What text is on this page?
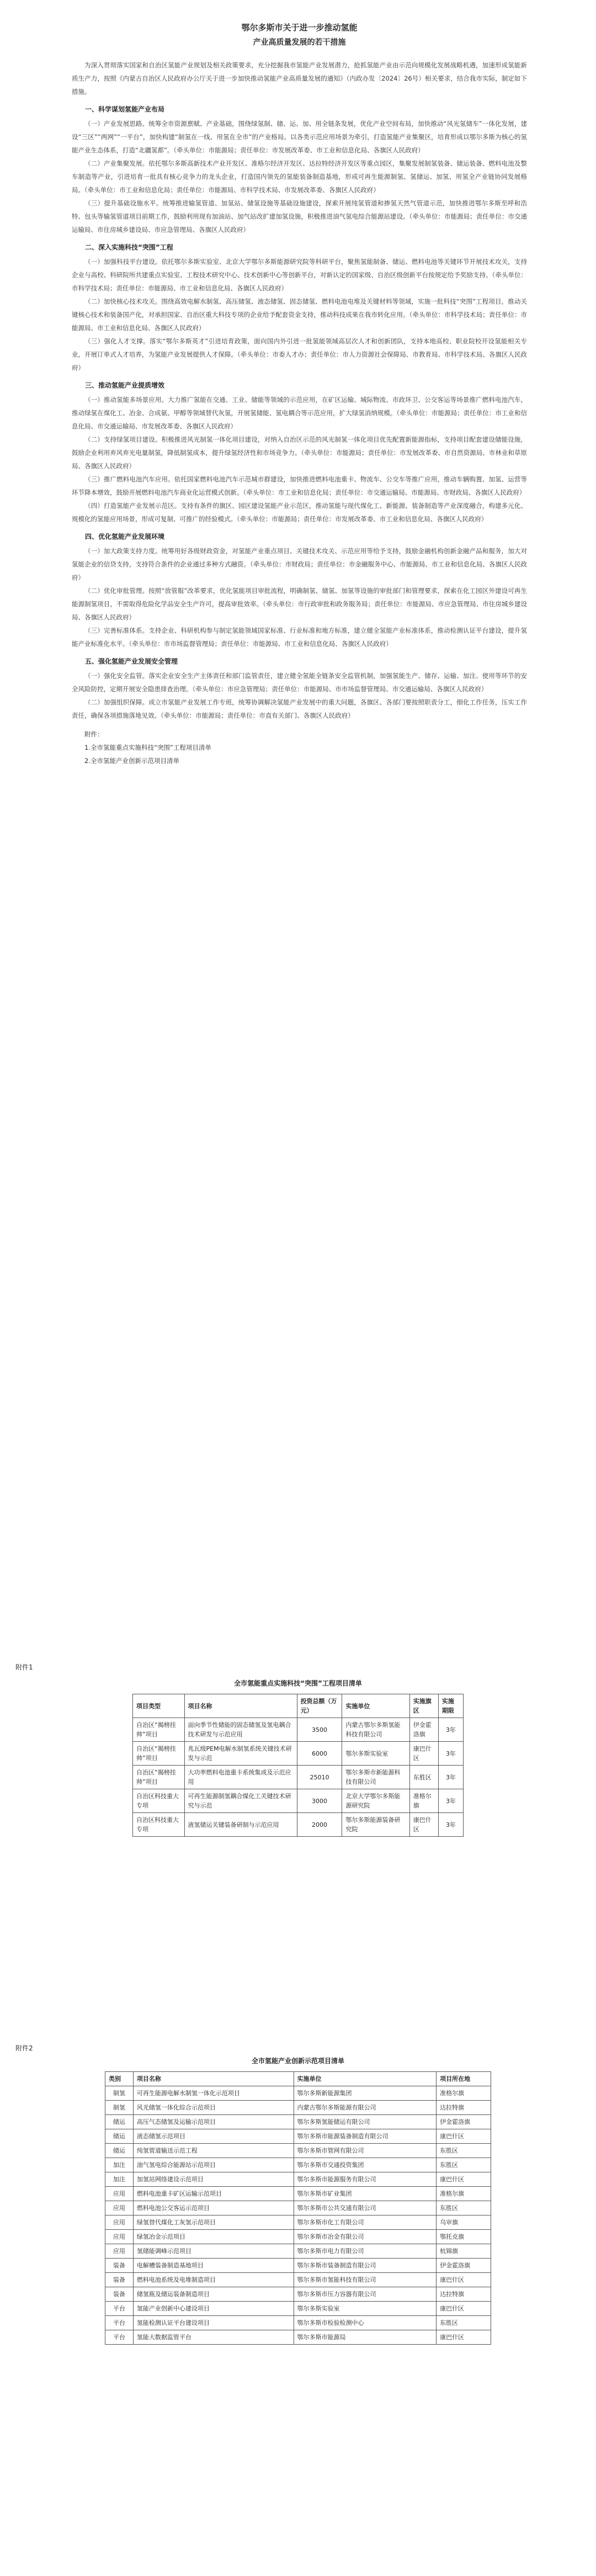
鄂尔多斯市关于进一步推动氢能
产业高质量发展的若干措施

为深入贯彻落实国家和自治区氢能产业规划及相关政策要求，充分挖掘我市氢能产业发展潜力，抢抓氢能产业由示范向规模化发展战略机遇，加速形成氢能新质生产力，按照《内蒙古自治区人民政府办公厅关于进一步加快推动氢能产业高质量发展的通知》（内政办发〔2024〕26号）相关要求，结合我市实际，制定如下措施。

一、科学谋划氢能产业布局

（一）产业发展思路。统筹全市资源禀赋、产业基础，围绕绿氢制、储、运、加、用全链条发展，优化产业空间布局，加快推动“风光氢储车”一体化发展，建设“三区”“两网”“一平台”，加快构建“制氢在一线、用氢在全市”的产业格局。以各类示范应用场景为牵引，打造氢能产业集聚区，培育形成以鄂尔多斯为核心的氢能产业生态体系，打造“北疆氢都”。（牵头单位：市能源局；责任单位：市发展改革委、市工业和信息化局、各旗区人民政府）

（二）产业集聚发展。依托鄂尔多斯高新技术产业开发区、准格尔经济开发区、达拉特经济开发区等重点园区，集聚发展制氢装备、储运装备、燃料电池及整车制造等产业，引进培育一批具有核心竞争力的龙头企业，打造国内领先的氢能装备制造基地，形成可再生能源制氢、氢储运、加氢、用氢全产业链协同发展格局。（牵头单位：市工业和信息化局；责任单位：市能源局、市科学技术局、市发展改革委、各旗区人民政府）

（三）提升基础设施水平。统筹推进输氢管道、加氢站、储氢设施等基础设施建设，探索开展纯氢管道和掺氢天然气管道示范，加快推进鄂尔多斯至呼和浩特、包头等输氢管道项目前期工作，鼓励利用现有加油站、加气站改扩建加氢设施，积极推进油气氢电综合能源站建设。（牵头单位：市能源局；责任单位：市交通运输局、市住房城乡建设局、市应急管理局、各旗区人民政府）

二、深入实施科技“突围”工程

（一）加强科技平台建设。依托鄂尔多斯实验室、北京大学鄂尔多斯能源研究院等科研平台，聚焦氢能制备、储运、燃料电池等关键环节开展技术攻关，支持企业与高校、科研院所共建重点实验室、工程技术研究中心、技术创新中心等创新平台，对新认定的国家级、自治区级创新平台按规定给予奖励支持。（牵头单位：市科学技术局；责任单位：市能源局、市工业和信息化局、各旗区人民政府）

（二）加快核心技术攻关。围绕高效电解水制氢、高压储氢、液态储氢、固态储氢、燃料电池电堆及关键材料等领域，实施一批科技“突围”工程项目，推动关键核心技术和装备国产化，对承担国家、自治区重大科技专项的企业给予配套资金支持，推动科技成果在我市转化应用。（牵头单位：市科学技术局；责任单位：市能源局、市工业和信息化局、各旗区人民政府）

（三）强化人才支撑。落实“鄂尔多斯英才”引进培育政策，面向国内外引进一批氢能领域高层次人才和创新团队，支持本地高校、职业院校开设氢能相关专业，开展订单式人才培养，为氢能产业发展提供人才保障。（牵头单位：市委人才办；责任单位：市人力资源社会保障局、市教育局、市科学技术局、各旗区人民政府）

三、推动氢能产业提质增效

（一）推动氢能多场景应用。大力推广氢能在交通、工业、储能等领域的示范应用，在矿区运输、城际物流、市政环卫、公交客运等场景推广燃料电池汽车，推动绿氢在煤化工、冶金、合成氨、甲醇等领域替代灰氢，开展氢储能、氢电耦合等示范应用，扩大绿氢消纳规模。（牵头单位：市能源局；责任单位：市工业和信息化局、市交通运输局、市发展改革委、各旗区人民政府）

（二）支持绿氢项目建设。积极推进风光制氢一体化项目建设，对纳入自治区示范的风光制氢一体化项目优先配置新能源指标，支持项目配套建设储能设施，鼓励企业利用弃风弃光电量制氢，降低制氢成本，提升绿氢经济性和市场竞争力。（牵头单位：市能源局；责任单位：市发展改革委、市自然资源局、市林业和草原局、各旗区人民政府）

（三）推广燃料电池汽车应用。依托国家燃料电池汽车示范城市群建设，加快推进燃料电池重卡、物流车、公交车等推广应用，推动车辆购置、加氢、运营等环节降本增效，鼓励开展燃料电池汽车商业化运营模式创新。（牵头单位：市工业和信息化局；责任单位：市交通运输局、市能源局、市财政局、各旗区人民政府）

（四）打造氢能产业发展示范区。支持有条件的旗区、园区建设氢能产业示范区，推动氢能与现代煤化工、新能源、装备制造等产业深度融合，构建多元化、规模化的氢能应用场景，形成可复制、可推广的经验模式。（牵头单位：市能源局；责任单位：市发展改革委、市工业和信息化局、各旗区人民政府）

四、优化氢能产业发展环境

（一）加大政策支持力度。统筹用好各级财政资金，对氢能产业重点项目、关键技术攻关、示范应用等给予支持，鼓励金融机构创新金融产品和服务，加大对氢能企业的信贷支持，支持符合条件的企业通过多种方式融资。（牵头单位：市财政局；责任单位：市金融服务中心、市能源局、市工业和信息化局、各旗区人民政府）

（二）优化审批管理。按照“放管服”改革要求，优化氢能项目审批流程，明确制氢、储氢、加氢等设施的审批部门和管理要求，探索在化工园区外建设可再生能源制氢项目，不需取得危险化学品安全生产许可，提高审批效率。（牵头单位：市行政审批和政务服务局；责任单位：市能源局、市应急管理局、市住房城乡建设局、各旗区人民政府）

（三）完善标准体系。支持企业、科研机构参与制定氢能领域国家标准、行业标准和地方标准，建立健全氢能产业标准体系，推动检测认证平台建设，提升氢能产业标准化水平。（牵头单位：市市场监督管理局；责任单位：市能源局、市工业和信息化局、各旗区人民政府）

五、强化氢能产业发展安全管理

（一）强化安全监管。落实企业安全生产主体责任和部门监管责任，建立健全氢能全链条安全监管机制，加强氢能生产、储存、运输、加注、使用等环节的安全风险防控，定期开展安全隐患排查治理。（牵头单位：市应急管理局；责任单位：市能源局、市市场监督管理局、市交通运输局、各旗区人民政府）

（二）加强组织保障。成立市氢能产业发展工作专班，统筹协调解决氢能产业发展中的重大问题，各旗区、各部门要按照职责分工，细化工作任务，压实工作责任，确保各项措施落地见效。（牵头单位：市能源局；责任单位：市直有关部门、各旗区人民政府）

附件：
1.全市氢能重点实施科技“突围”工程项目清单
2.全市氢能产业创新示范项目清单
附件1
全市氢能重点实施科技“突围”工程项目清单
项目类型	项目名称	投资总额（万元）	实施单位	实施旗区	实施期限
自治区“揭榜挂帅”项目	面向季节性储能的固态储氢及氢电耦合技术研发与示范应用	3500	内蒙古鄂尔多斯氢能科技有限公司	伊金霍洛旗	3年
自治区“揭榜挂帅”项目	兆瓦级PEM电解水制氢系统关键技术研发与示范	6000	鄂尔多斯实验室	康巴什区	3年
自治区“揭榜挂帅”项目	大功率燃料电池重卡系统集成及示范应用	25010	鄂尔多斯市新能源科技有限公司	东胜区	3年
自治区科技重大专项	可再生能源制氢耦合煤化工关键技术研究与示范	3000	北京大学鄂尔多斯能源研究院	准格尔旗	3年
自治区科技重大专项	液氢储运关键装备研制与示范应用	2000	鄂尔多斯能源装备研究院	康巴什区	3年
附件2
全市氢能产业创新示范项目清单
类别	项目名称	实施单位	项目所在地
制氢	可再生能源电解水制氢一体化示范项目	鄂尔多斯新能源集团	准格尔旗
制氢	风光储氢一体化综合示范项目	内蒙古鄂尔多斯能源有限公司	达拉特旗
储运	高压气态储氢及运输示范项目	鄂尔多斯氢能储运有限公司	伊金霍洛旗
储运	液态储氢示范项目	鄂尔多斯市能源装备制造有限公司	康巴什区
储运	纯氢管道输送示范工程	鄂尔多斯市管网有限公司	东胜区
加注	油气氢电综合能源站示范项目	鄂尔多斯市交通投资集团	东胜区
加注	加氢站网络建设示范项目	鄂尔多斯市能源服务有限公司	康巴什区
应用	燃料电池重卡矿区运输示范项目	鄂尔多斯市矿业集团	准格尔旗
应用	燃料电池公交客运示范项目	鄂尔多斯市公共交通有限公司	东胜区
应用	绿氢替代煤化工灰氢示范项目	鄂尔多斯市化工有限公司	乌审旗
应用	绿氢冶金示范项目	鄂尔多斯市冶金有限公司	鄂托克旗
应用	氢储能调峰示范项目	鄂尔多斯市电力有限公司	杭锦旗
装备	电解槽装备制造基地项目	鄂尔多斯市装备制造有限公司	伊金霍洛旗
装备	燃料电池系统及电堆制造项目	鄂尔多斯市氢能科技有限公司	康巴什区
装备	储氢瓶及储运装备制造项目	鄂尔多斯市压力容器有限公司	达拉特旗
平台	氢能产业创新中心建设项目	鄂尔多斯实验室	康巴什区
平台	氢能检测认证平台建设项目	鄂尔多斯市检验检测中心	东胜区
平台	氢能大数据监管平台	鄂尔多斯市能源局	康巴什区
